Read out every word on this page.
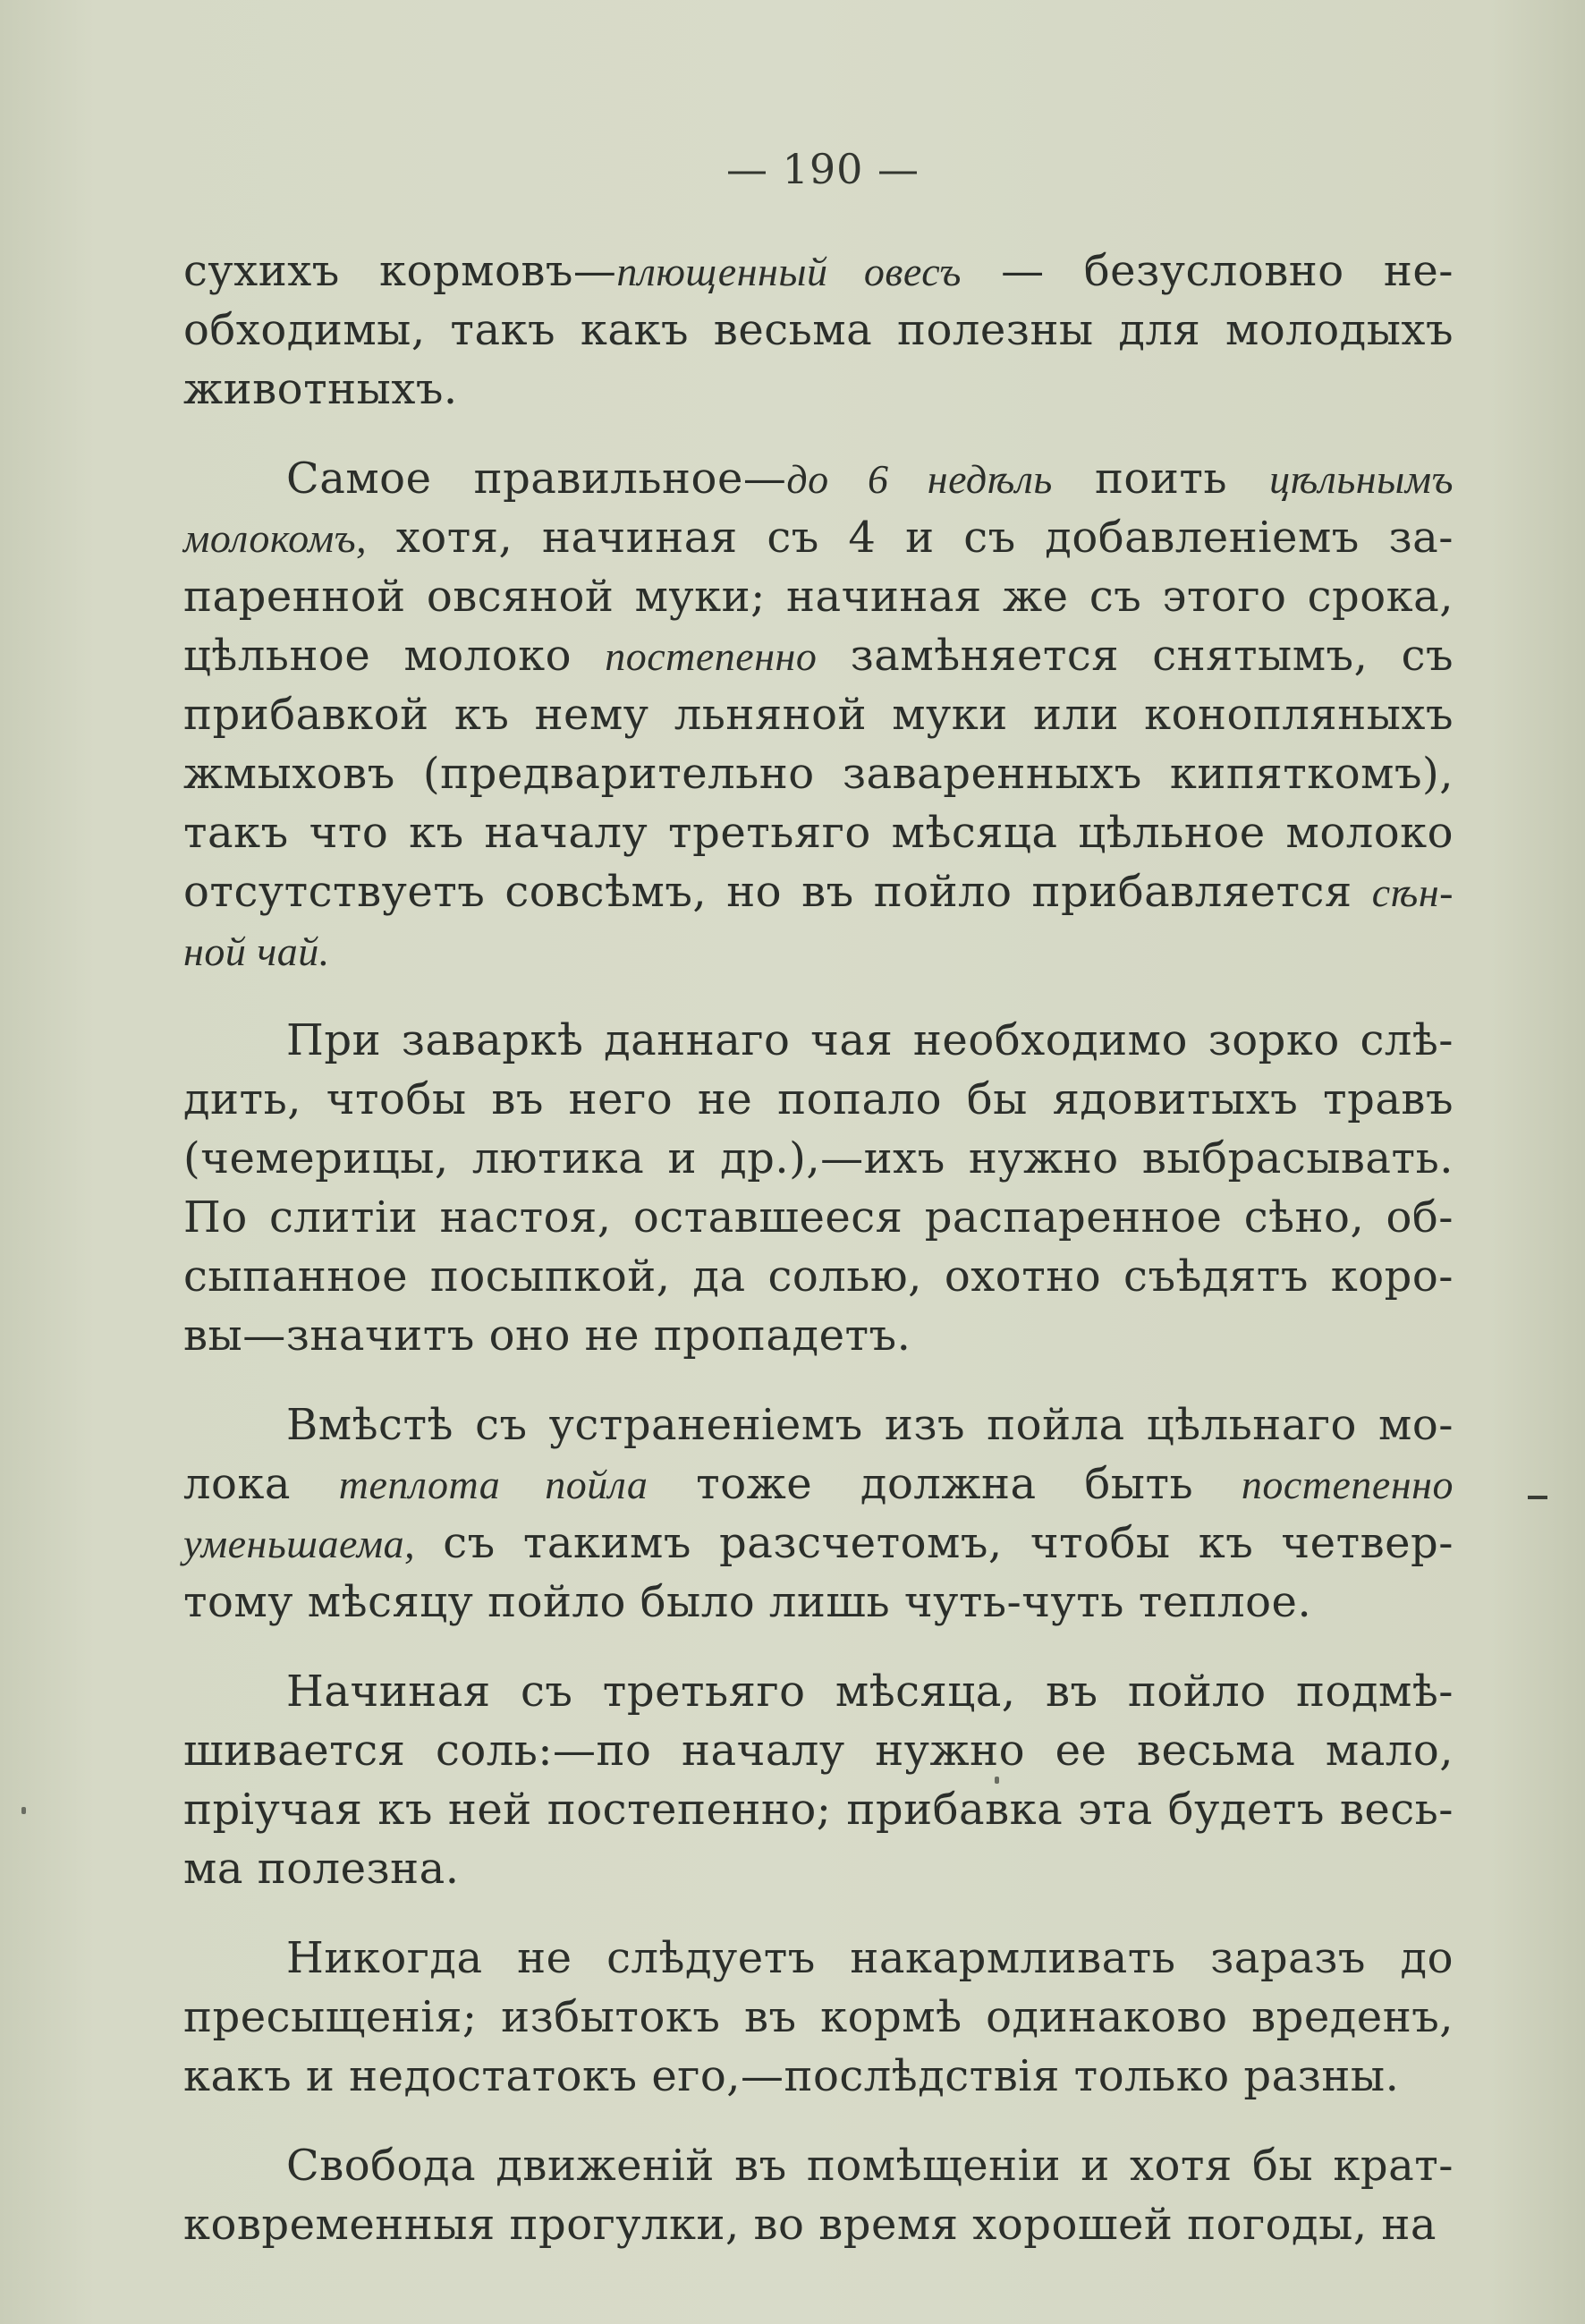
— 190 —
сухихъ кормовъ—плющенный овесъ — безусловно не-
обходимы, такъ какъ весьма полезны для молодыхъ
животныхъ.
Самое правильное—до 6 недѣль поить цѣльнымъ
молокомъ, хотя, начиная съ 4 и съ добавленіемъ за-
паренной овсяной муки; начиная же съ этого срока,
цѣльное молоко постепенно замѣняется снятымъ, съ
прибавкой къ нему льняной муки или конопляныхъ
жмыховъ (предварительно заваренныхъ кипяткомъ),
такъ что къ началу третьяго мѣсяца цѣльное молоко
отсутствуетъ совсѣмъ, но въ пойло прибавляется сѣн-
ной чай.
При заваркѣ даннаго чая необходимо зорко слѣ-
дить, чтобы въ него не попало бы ядовитыхъ травъ
(чемерицы, лютика и др.),—ихъ нужно выбрасывать.
По слитіи настоя, оставшееся распаренное сѣно, об-
сыпанное посыпкой, да солью, охотно съѣдятъ коро-
вы—значитъ оно не пропадетъ.
Вмѣстѣ съ устраненіемъ изъ пойла цѣльнаго мо-
лока теплота пойла тоже должна быть постепенно
уменьшаема, съ такимъ разсчетомъ, чтобы къ четвер-
тому мѣсяцу пойло было лишь чуть-чуть теплое.
Начиная съ третьяго мѣсяца, въ пойло подмѣ-
шивается соль:—по началу нужно ее весьма мало,
пріучая къ ней постепенно; прибавка эта будетъ весь-
ма полезна.
Никогда не слѣдуетъ накармливать заразъ до
пресыщенія; избытокъ въ кормѣ одинаково вреденъ,
какъ и недостатокъ его,—послѣдствія только разны.
Свобода движеній въ помѣщеніи и хотя бы крат-
ковременныя прогулки, во время хорошей погоды, на
